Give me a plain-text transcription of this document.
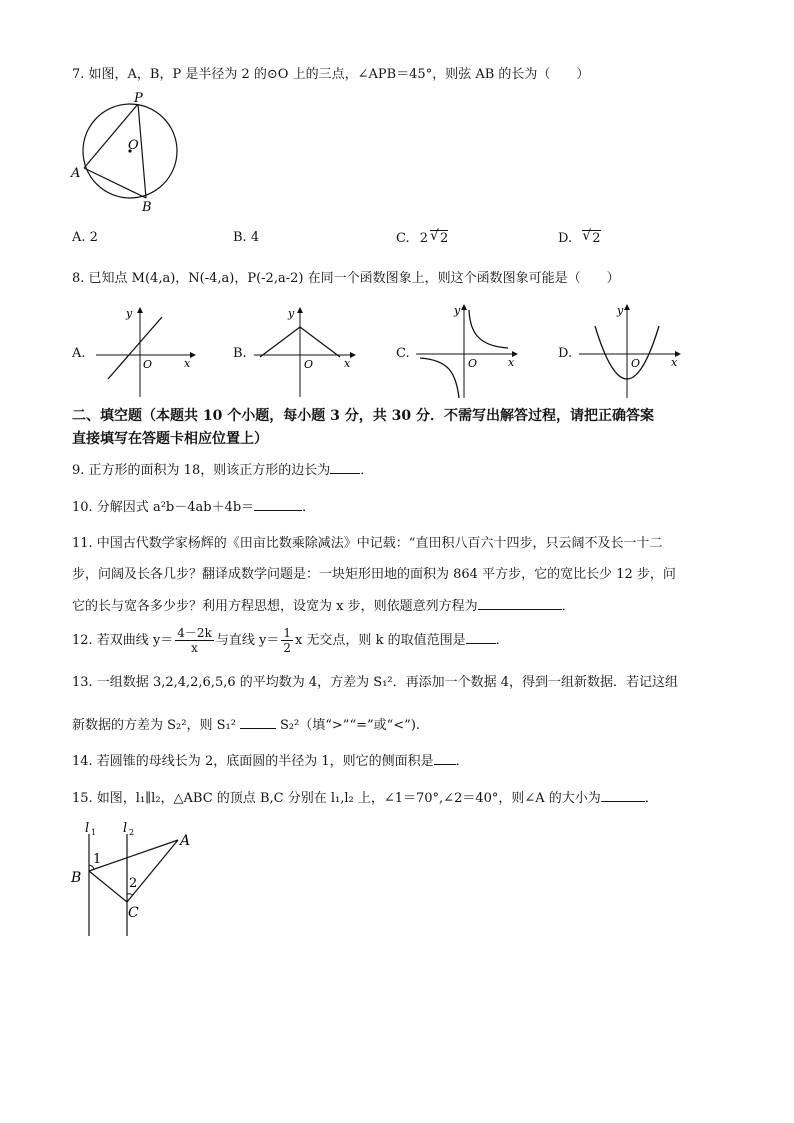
7. 如图，A，B，P 是半径为 2 的⊙O 上的三点，∠APB＝45°，则弦 AB 的长为（　　）
P
O
A
B
A. 2	B. 4	C. 2 √ 2	D. √ 2
8. 已知点 M(4,a)，N(-4,a)，P(-2,a-2) 在同一个函数图象上，则这个函数图象可能是（　　）
A.
y
x
O
B.
y
x
O
C.
y
x
O
D.
y
x
O
二、填空题（本题共 10 个小题，每小题 3 分，共 30 分．不需写出解答过程，请把正确答案
直接填写在答题卡相应位置上）
9. 正方形的面积为 18，则该正方形的边长为 ．
10. 分解因式 a²b－4ab＋4b＝	．
11. 中国古代数学家杨辉的《田亩比数乘除减法》中记载：“直田积八百六十四步，只云阔不及长一十二
步，问阔及长各几步？翻译成数学问题是：一块矩形田地的面积为 864 平方步，它的宽比长少 12 步，问
它的长与宽各多少步？利用方程思想，设宽为 x 步，则依题意列方程为	．
12. 若双曲线 $y= \frac{4-2k}{x}$ 与直线 $y= \frac{1}{2}$ x 无交点，则 k 的取值范围是 ．
13. 一组数据 3,2,4,2,6,5,6 的平均数为 4，方差为 S₁²．再添加一个数据 4，得到一组新数据．若记这组
新数据的方差为 S₂²，则 S₁²	S₂²（填“>”“=”或“<”).
14. 若圆锥的母线长为 2，底面圆的半径为 1，则它的侧面积是 ．
15. 如图，l₁∥l₂，△ABC 的顶点 B,C 分别在 l₁,l₂ 上，∠1＝70°,∠2＝40°，则∠A 的大小为	．
l 1 l 2
A
B
C
1
2
